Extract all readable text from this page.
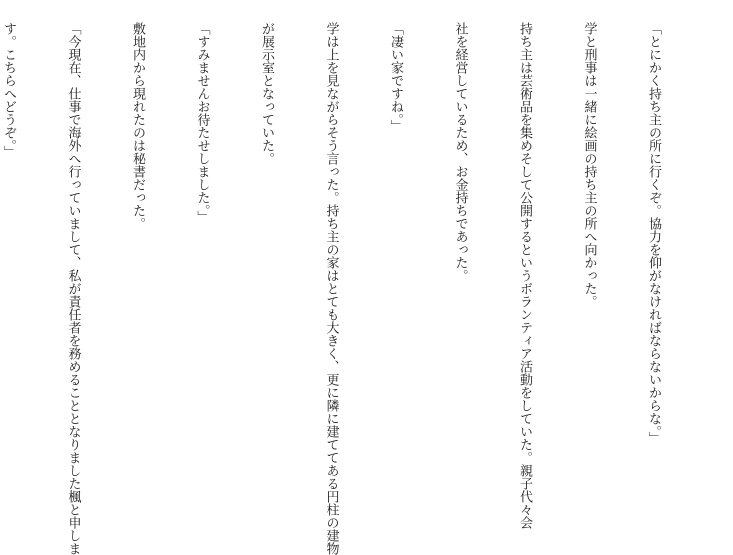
「とにかく持ち主の所に行くぞ。協力を仰がなければならないからな。」

学と刑事は一緒に絵画の持ち主の所へ向かった。

持ち主は芸術品を集めそして公開するというボランティア活動をしていた。親子代々会

社を経営しているため、お金持ちであった。

「凄い家ですね。」

学は上を見ながらそう言った。持ち主の家はとても大きく、更に隣に建ててある円柱の建物

が展示室となっていた。

「すみませんお待たせしました。」

敷地内から現れたのは秘書だった。

「今現在、仕事で海外へ行っていまして、私が責任者を務めることとなりました楓と申しま

す。こちらへどうぞ。」
